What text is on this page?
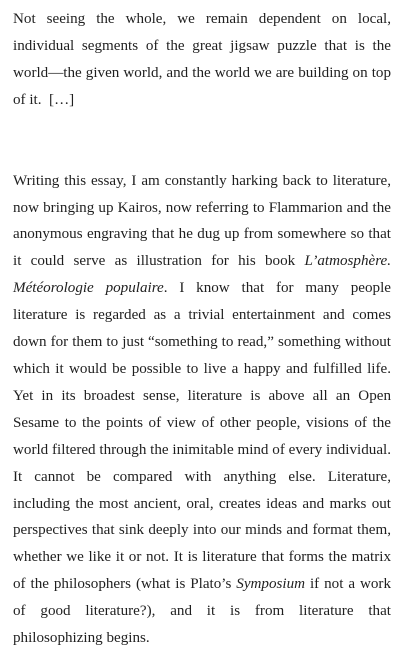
Not seeing the whole, we remain dependent on local, individual segments of the great jigsaw puzzle that is the world—the given world, and the world we are building on top of it.  […]

Writing this essay, I am constantly harking back to literature, now bringing up Kairos, now referring to Flammarion and the anonymous engraving that he dug up from somewhere so that it could serve as illustration for his book L’atmosphère. Météorologie populaire. I know that for many people literature is regarded as a trivial entertainment and comes down for them to just “something to read,” something without which it would be possible to live a happy and fulfilled life. Yet in its broadest sense, literature is above all an Open Sesame to the points of view of other people, visions of the world filtered through the inimitable mind of every individual. It cannot be compared with anything else. Literature, including the most ancient, oral, creates ideas and marks out perspectives that sink deeply into our minds and format them, whether we like it or not. It is literature that forms the matrix of the philosophers (what is Plato’s Symposium if not a work of good literature?), and it is from literature that philosophizing begins.
